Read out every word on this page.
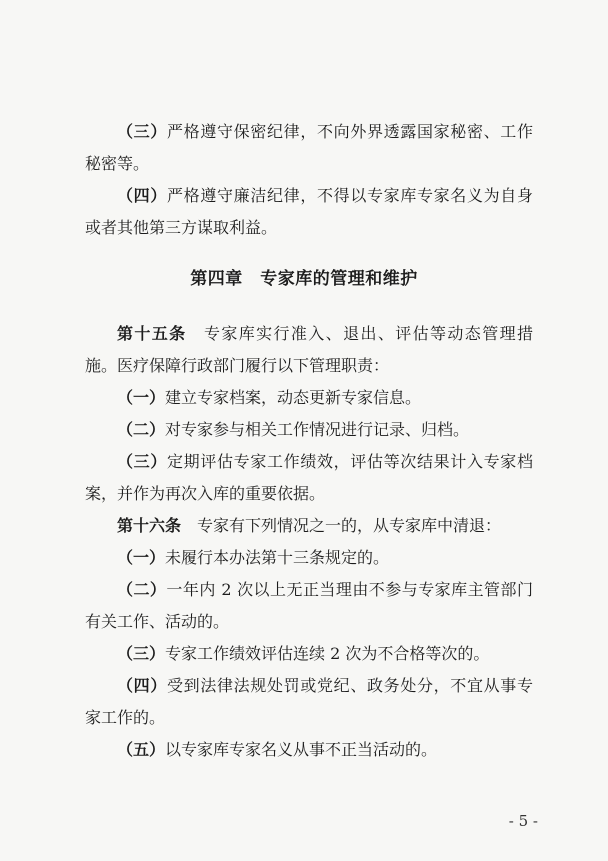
（三）严格遵守保密纪律，不向外界透露国家秘密、工作秘密等。

（四）严格遵守廉洁纪律，不得以专家库专家名义为自身或者其他第三方谋取利益。

第四章　专家库的管理和维护

第十五条　专家库实行准入、退出、评估等动态管理措施。医疗保障行政部门履行以下管理职责：

（一）建立专家档案，动态更新专家信息。

（二）对专家参与相关工作情况进行记录、归档。

（三）定期评估专家工作绩效，评估等次结果计入专家档案，并作为再次入库的重要依据。

第十六条　专家有下列情况之一的，从专家库中清退：

（一）未履行本办法第十三条规定的。

（二）一年内 2 次以上无正当理由不参与专家库主管部门有关工作、活动的。

（三）专家工作绩效评估连续 2 次为不合格等次的。

（四）受到法律法规处罚或党纪、政务处分，不宜从事专家工作的。

（五）以专家库专家名义从事不正当活动的。

- 5 -
